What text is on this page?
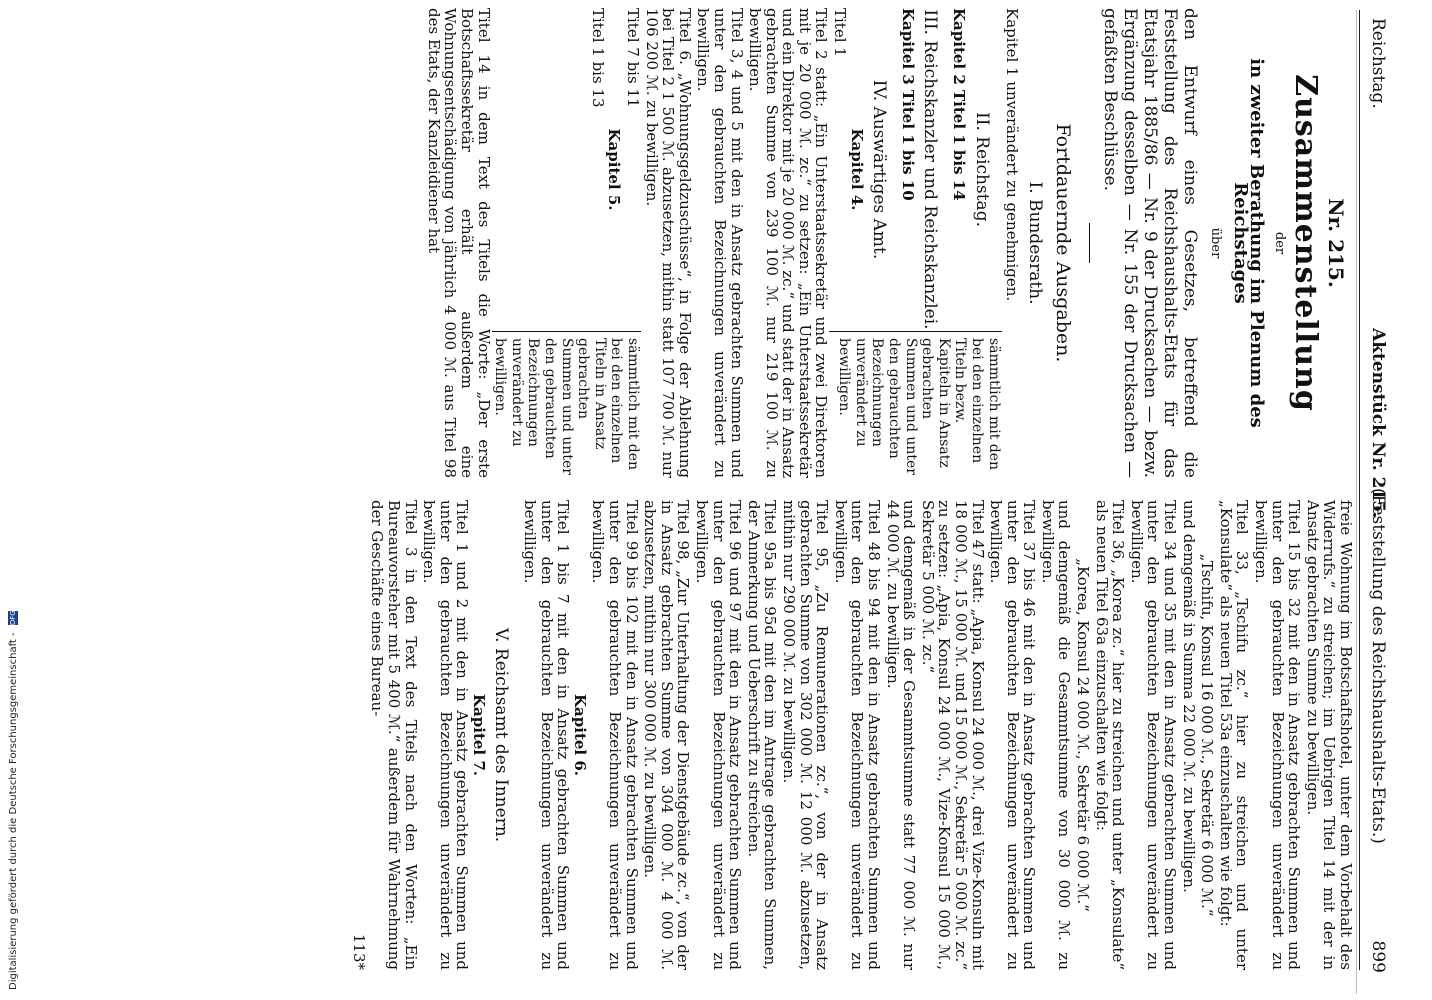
Digitalisierung gefördert durch die Deutsche Forschungsgemeinschaft - DFG
Reichstag.
Aktenstück Nr. 215.
(Feststellung des Reichshaushalts-Etats.)
899
Nr. 215.
Zusammenstellung
der
in zweiter Berathung im Plenum des Reichstages
über
den Entwurf eines Gesetzes, betreffend die Feststellung des Reichshaushalts-Etats für das Etatsjahr 1885/86 — Nr. 9 der Drucksachen — bezw. Ergänzung desselben — Nr. 155 der Drucksachen — gefaßten Beschlüsse.
Fortdauernde Ausgaben.
I. Bundesrath.

Kapitel 1 unverändert zu genehmigen.

II. Reichstag.

Kapitel 2 Titel 1 bis 14

III. Reichskanzler und Reichskanzlei.

Kapitel 3 Titel 1 bis 10

IV. Auswärtiges Amt.
Kapitel 4.

Titel 1

sämmtlich mit den bei den einzelnen Titeln bezw. Kapiteln in Ansatz gebrachten Summen und unter den gebrauchten Bezeichnungen unverändert zu bewilligen.

Titel 2 statt: „Ein Unterstaatssekretär und zwei Direktoren mit je 20 000 ℳ. zc.“ zu setzen: „Ein Unterstaatssekretär und ein Direktor mit je 20 000 ℳ. zc.“ und statt der in Ansatz gebrachten Summe von 239 100 ℳ. nur 219 100 ℳ. zu bewilligen.

Titel 3, 4 und 5 mit den in Ansatz gebrachten Summen und unter den gebrauchten Bezeichnungen unverändert zu bewilligen.

Titel 6. „Wohnungsgeldzuschüsse“, in Folge der Ablehnung bei Titel 2 1 500 ℳ. abzusetzen, mithin statt 107 700 ℳ. nur 106 200 ℳ. zu bewilligen.

Titel 7 bis 11

Kapitel 5.

Titel 1 bis 13

sämmtlich mit den bei den einzelnen Titeln in Ansatz gebrachten Summen und unter den gebrauchten Bezeichnungen unverändert zu bewilligen.

Titel 14 in dem Text des Titels die Worte: „Der erste Botschaftssekretär erhält außerdem eine Wohnungsentschädigung von jährlich 4 000 ℳ. aus Titel 98 des Etats, der Kanzleidiener hat

freie Wohnung im Botschaftshotel, unter dem Vorbehalt des Widerrufs.“ zu streichen; im Uebrigen Titel 14 mit der in Ansatz gebrachten Summe zu bewilligen.

Titel 15 bis 32 mit den in Ansatz gebrachten Summen und unter den gebrauchten Bezeichnungen unverändert zu bewilligen.

Titel 33, „Tschifu zc.“ hier zu streichen und unter „Konsulate“ als neuen Titel 53a einzuschalten wie folgt:

„Tschifu, Konsul 16 000 ℳ., Sekretär 6 000 ℳ.“

und demgemäß in Summa 22 000 ℳ. zu bewilligen.

Titel 34 und 35 mit den in Ansatz gebrachten Summen und unter den gebrauchten Bezeichnungen unverändert zu bewilligen.

Titel 36, „Korea zc.“ hier zu streichen und unter „Konsulate“ als neuen Titel 63a einzuschalten wie folgt:

„Korea, Konsul 24 000 ℳ., Sekretär 6 000 ℳ.“

und demgemäß die Gesammtsumme von 30 000 ℳ. zu bewilligen.

Titel 37 bis 46 mit den in Ansatz gebrachten Summen und unter den gebrauchten Bezeichnungen unverändert zu bewilligen.

Titel 47 statt: „Apia, Konsul 24 000 ℳ., drei Vize-Konsuln mit 18 000 ℳ., 15 000 ℳ. und 15 000 ℳ., Sekretär 5 000 ℳ. zc.“ zu setzen: „Apia, Konsul 24 000 ℳ., Vize-Konsul 15 000 ℳ., Sekretär 5 000 ℳ. zc.“

und demgemäß in der Gesammtsumme statt 77 000 ℳ. nur 44 000 ℳ. zu bewilligen.

Titel 48 bis 94 mit den in Ansatz gebrachten Summen und unter den gebrauchten Bezeichnungen unverändert zu bewilligen.

Titel 95, „Zu Remunerationen zc.“, von der in Ansatz gebrachten Summe von 302 000 ℳ. 12 000 ℳ. abzusetzen, mithin nur 290 000 ℳ. zu bewilligen.

Titel 95a bis 95d mit den im Antrage gebrachten Summen, der Anmerkung und Ueberschrift zu streichen.

Titel 96 und 97 mit den in Ansatz gebrachten Summen und unter den gebrauchten Bezeichnungen unverändert zu bewilligen.

Titel 98, „Zur Unterhaltung der Dienstgebäude zc.“, von der in Ansatz gebrachten Summe von 304 000 ℳ. 4 000 ℳ. abzusetzen, mithin nur 300 000 ℳ. zu bewilligen.

Titel 99 bis 102 mit den in Ansatz gebrachten Summen und unter den gebrauchten Bezeichnungen unverändert zu bewilligen.

Kapitel 6.

Titel 1 bis 7 mit den in Ansatz gebrachten Summen und unter den gebrauchten Bezeichnungen unverändert zu bewilligen.

V. Reichsamt des Innern.
Kapitel 7.

Titel 1 und 2 mit den in Ansatz gebrachten Summen und unter den gebrauchten Bezeichnungen unverändert zu bewilligen.

Titel 3 in den Text des Titels nach den Worten: „Ein Bureauvorsteher mit 5 400 ℳ.“ außerdem für Wahrnehmung der Geschäfte eines Bureau-

113*
